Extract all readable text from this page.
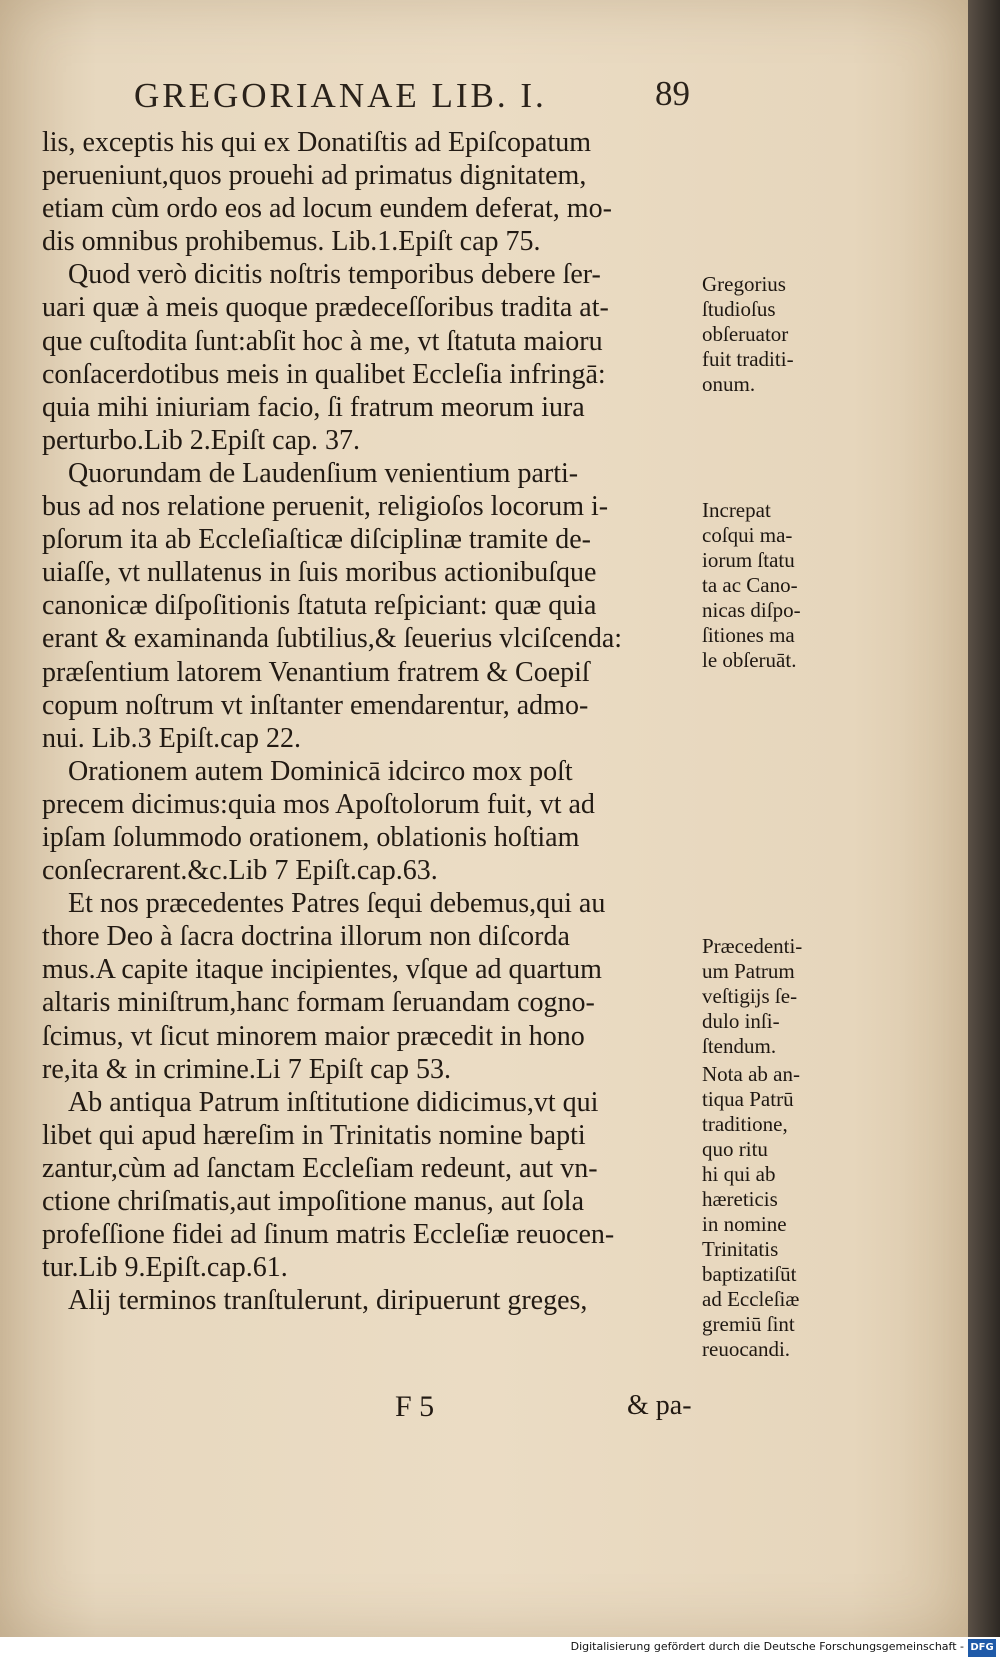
GREGORIANAE LIB. I.	89
lis, exceptis his qui ex Donatiſtis ad Epiſcopatum
perueniunt,quos prouehi ad primatus dignitatem,
etiam cùm ordo eos ad locum eundem deferat, mo-
dis omnibus prohibemus. Lib.1.Epiſt cap 75.
Quod verò dicitis noſtris temporibus debere ſer-
uari quæ à meis quoque prædeceſſoribus tradita at-
que cuſtodita ſunt:abſit hoc à me, vt ſtatuta maioru
conſacerdotibus meis in qualibet Eccleſia infringā:
quia mihi iniuriam facio, ſi fratrum meorum iura
perturbo.Lib 2.Epiſt cap. 37.
Quorundam de Laudenſium venientium parti-
bus ad nos relatione peruenit, religioſos locorum i-
pſorum ita ab Eccleſiaſticæ diſciplinæ tramite de-
uiaſſe, vt nullatenus in ſuis moribus actionibuſque
canonicæ diſpoſitionis ſtatuta reſpiciant: quæ quia
erant & examinanda ſubtilius,& ſeuerius vlciſcenda:
præſentium latorem Venantium fratrem & Coepiſ
copum noſtrum vt inſtanter emendarentur, admo-
nui. Lib.3 Epiſt.cap 22.
Orationem autem Dominicā idcirco mox poſt
precem dicimus:quia mos Apoſtolorum fuit, vt ad
ipſam ſolummodo orationem, oblationis hoſtiam
conſecrarent.&c.Lib 7 Epiſt.cap.63.
Et nos præcedentes Patres ſequi debemus,qui au
thore Deo à ſacra doctrina illorum non diſcorda
mus.A capite itaque incipientes, vſque ad quartum
altaris miniſtrum,hanc formam ſeruandam cogno-
ſcimus, vt ſicut minorem maior præcedit in hono
re,ita & in crimine.Li 7 Epiſt cap 53.
Ab antiqua Patrum inſtitutione didicimus,vt qui
libet qui apud hæreſim in Trinitatis nomine bapti
zantur,cùm ad ſanctam Eccleſiam redeunt, aut vn-
ctione chriſmatis,aut impoſitione manus, aut ſola
profeſſione fidei ad ſinum matris Eccleſiæ reuocen-
tur.Lib 9.Epiſt.cap.61.
Alij terminos tranſtulerunt, diripuerunt greges,
Gregorius
ſtudioſus
obſeruator
fuit traditi-
onum.
Increpat
coſqui ma-
iorum ſtatu
ta ac Cano-
nicas diſpo-
ſitiones ma
le obſeruāt.
Præcedenti-
um Patrum
veſtigijs ſe-
dulo inſi-
ſtendum.
Nota ab an-
tiqua Patrū
traditione,
quo ritu
hi qui ab
hæreticis
in nomine
Trinitatis
baptizatiſūt
ad Eccleſiæ
gremiū ſint
reuocandi.
F 5	& pa-
Digitalisierung gefördert durch die Deutsche Forschungsgemeinschaft - DFG
